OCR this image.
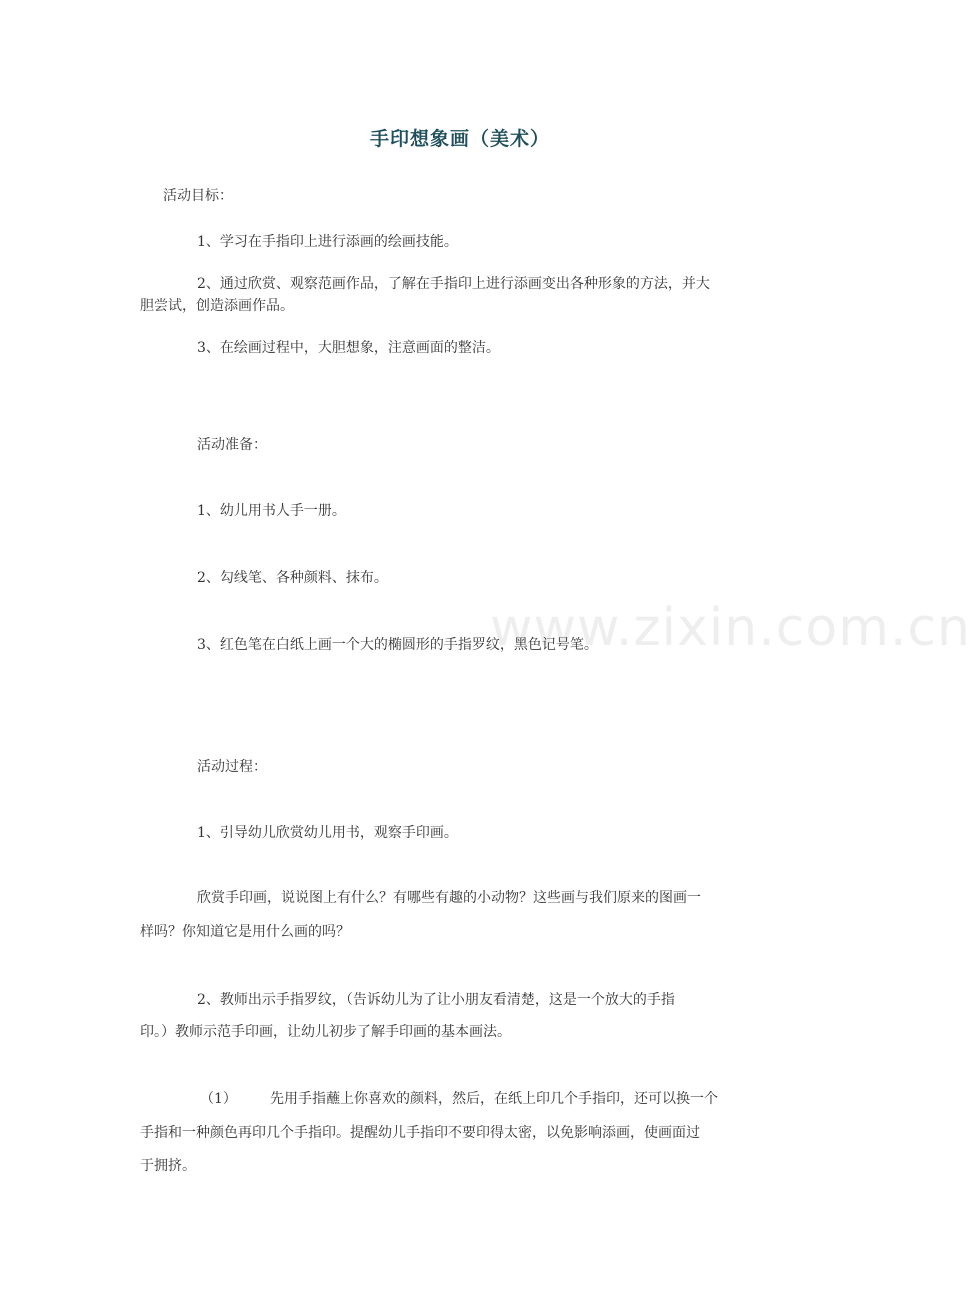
www.zixin.com.cn
手印想象画（美术）
活动目标：
1、学习在手指印上进行添画的绘画技能。
2、通过欣赏、观察范画作品，了解在手指印上进行添画变出各种形象的方法，并大
胆尝试，创造添画作品。
3、在绘画过程中，大胆想象，注意画面的整洁。
活动准备：
1、幼儿用书人手一册。
2、勾线笔、各种颜料、抹布。
3、红色笔在白纸上画一个大的椭圆形的手指罗纹，黑色记号笔。
活动过程：
1、引导幼儿欣赏幼儿用书，观察手印画。
欣赏手印画，说说图上有什么？有哪些有趣的小动物？这些画与我们原来的图画一
样吗？你知道它是用什么画的吗？
2、教师出示手指罗纹，（告诉幼儿为了让小朋友看清楚，这是一个放大的手指
印。）教师示范手印画，让幼儿初步了解手印画的基本画法。
（1） 先用手指蘸上你喜欢的颜料，然后，在纸上印几个手指印，还可以换一个
手指和一种颜色再印几个手指印。提醒幼儿手指印不要印得太密，以免影响添画，使画面过
于拥挤。
